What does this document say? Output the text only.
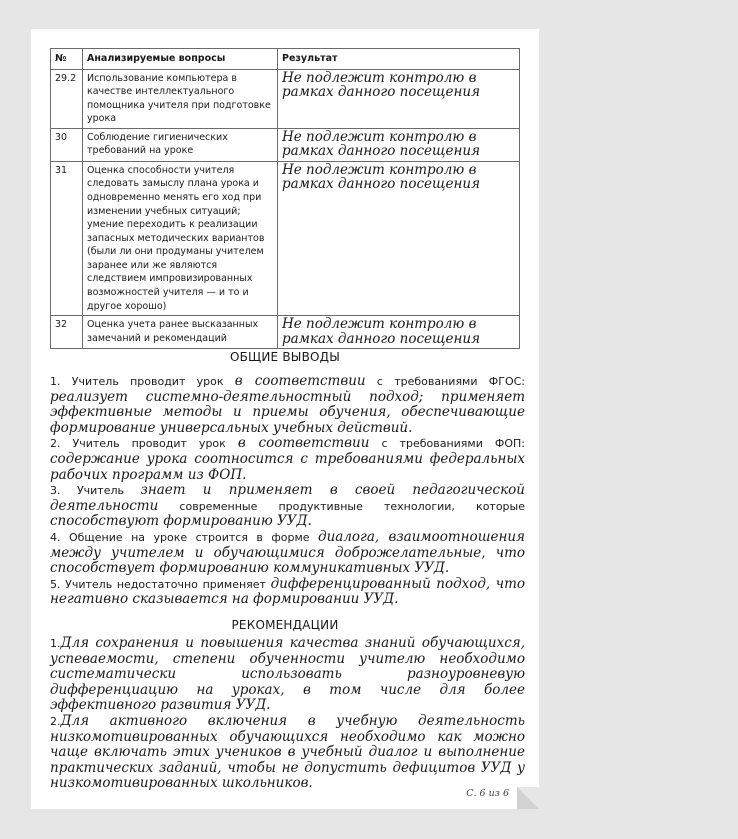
№	Анализируемые вопросы	Результат
29.2	Использование компьютера в качестве интеллектуального помощника учителя при подготовке урока	Не подлежит контролю в рамках данного посещения
30	Соблюдение гигиенических требований на уроке	Не подлежит контролю в рамках данного посещения
31	Оценка способности учителя следовать замыслу плана урока и одновременно менять его ход при изменении учебных ситуаций; умение переходить к реализации запасных методических вариантов (были ли они продуманы учителем заранее или же являются следствием импровизированных возможностей учителя — и то и другое хорошо)	Не подлежит контролю в рамках данного посещения
32	Оценка учета ранее высказанных замечаний и рекомендаций	Не подлежит контролю в рамках данного посещения
ОБЩИЕ ВЫВОДЫ

1. Учитель проводит урок в соответствии с требованиями ФГОС: реализует системно-деятельностный подход; применяет эффективные методы и приемы обучения, обеспечивающие формирование универсальных учебных действий.

2. Учитель проводит урок в соответствии с требованиями ФОП: содержание урока соотносится с требованиями федеральных рабочих программ из ФОП.

3. Учитель знает и применяет в своей педагогической деятельности современные продуктивные технологии, которые способствуют формированию УУД.

4. Общение на уроке строится в форме диалога, взаимоотношения между учителем и обучающимися доброжелательные, что способствует формированию коммуникативных УУД.

5. Учитель недостаточно применяет дифференцированный подход, что негативно сказывается на формировании УУД.

РЕКОМЕНДАЦИИ

1.Для сохранения и повышения качества знаний обучающихся, успеваемости, степени обученности учителю необходимо систематически использовать разноуровневую дифференциацию на уроках, в том числе для более эффективного развития УУД.

2.Для активного включения в учебную деятельность низкомотивированных обучающихся необходимо как можно чаще включать этих учеников в учебный диалог и выполнение практических заданий, чтобы не допустить дефицитов УУД у низкомотивированных школьников.

С. 6 из 6
